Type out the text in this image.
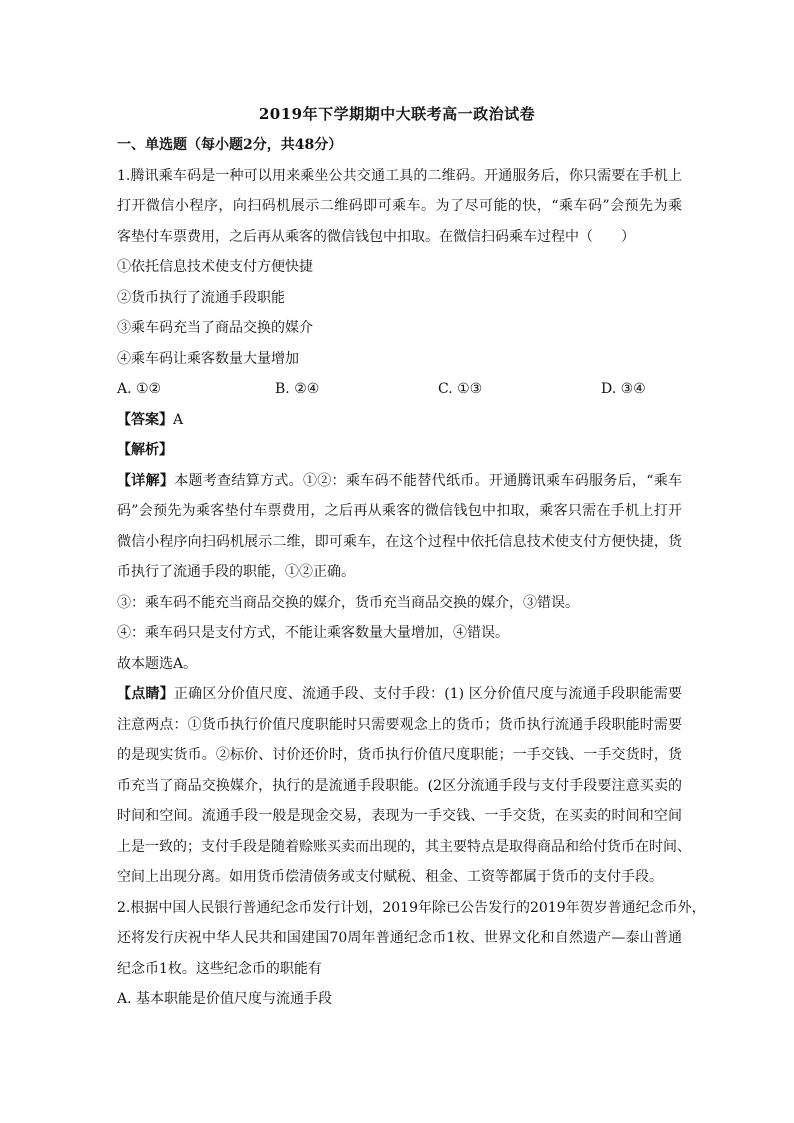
2019年下学期期中大联考高一政治试卷
一、单选题（每小题2分，共48分）
1.腾讯乘车码是一种可以用来乘坐公共交通工具的二维码。开通服务后，你只需要在手机上
打开微信小程序，向扫码机展示二维码即可乘车。为了尽可能的快，“乘车码”会预先为乘
客垫付车票费用，之后再从乘客的微信钱包中扣取。在微信扫码乘车过程中（　　）
①依托信息技术使支付方便快捷
②货币执行了流通手段职能
③乘车码充当了商品交换的媒介
④乘车码让乘客数量大量增加
A. ①②	B. ②④	C. ①③	D. ③④
【答案】A
【解析】
【详解】本题考查结算方式。①②：乘车码不能替代纸币。开通腾讯乘车码服务后，“乘车
码”会预先为乘客垫付车票费用，之后再从乘客的微信钱包中扣取，乘客只需在手机上打开
微信小程序向扫码机展示二维，即可乘车，在这个过程中依托信息技术使支付方便快捷，货
币执行了流通手段的职能，①②正确。
③：乘车码不能充当商品交换的媒介，货币充当商品交换的媒介，③错误。
④：乘车码只是支付方式，不能让乘客数量大量增加，④错误。
故本题选A。
【点睛】正确区分价值尺度、流通手段、支付手段：(1) 区分价值尺度与流通手段职能需要
注意两点：①货币执行价值尺度职能时只需要观念上的货币；货币执行流通手段职能时需要
的是现实货币。②标价、讨价还价时，货币执行价值尺度职能；一手交钱、一手交货时，货
币充当了商品交换媒介，执行的是流通手段职能。(2区分流通手段与支付手段要注意买卖的
时间和空间。流通手段一般是现金交易，表现为一手交钱、一手交货，在买卖的时间和空间
上是一致的；支付手段是随着赊账买卖而出现的，其主要特点是取得商品和给付货币在时间、
空间上出现分离。如用货币偿清债务或支付赋税、租金、工资等都属于货币的支付手段。
2.根据中国人民银行普通纪念币发行计划，2019年除已公告发行的2019年贺岁普通纪念币外，
还将发行庆祝中华人民共和国建国70周年普通纪念币1枚、世界文化和自然遗产—泰山普通
纪念币1枚。这些纪念币的职能有
A. 基本职能是价值尺度与流通手段
